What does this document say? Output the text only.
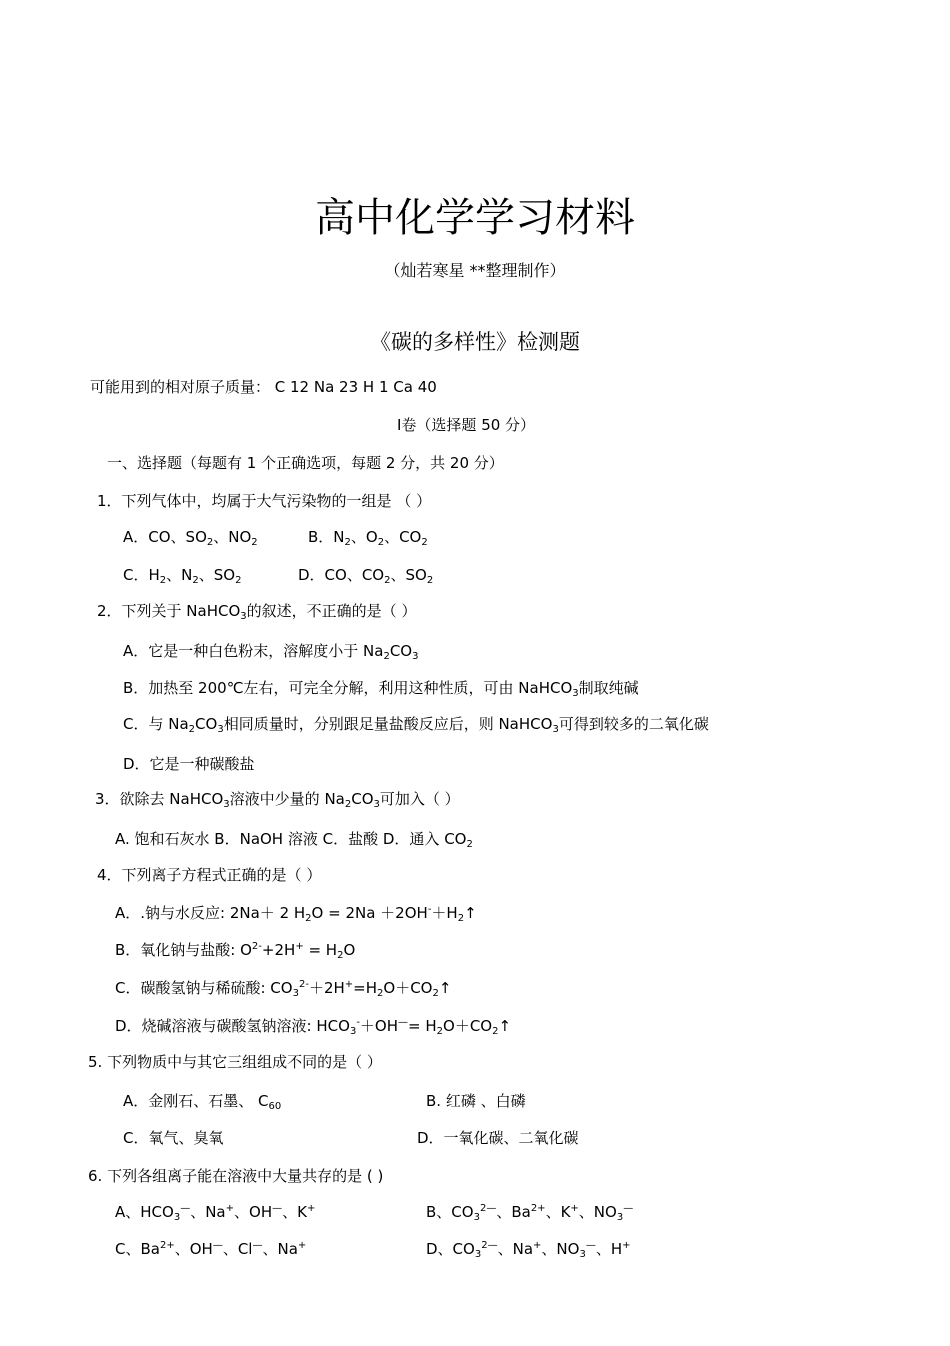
高中化学学习材料
（灿若寒星 **整理制作）
《碳的多样性》检测题
可能用到的相对原子质量： C 12 Na 23 H 1 Ca 40
Ⅰ卷（选择题 50 分）
一、选择题（每题有 1 个正确选项，每题 2 分，共 20 分）
1．下列气体中，均属于大气污染物的一组是 （ ）
A．CO、$SO_2$、$NO_2$	B．$N_2$、$O_2$、$CO_2$
C．$H_2$、$N_2$、$SO_2$	D．CO、$CO_2$、$SO_2$
2．下列关于 NaHCO$_3$的叙述，不正确的是（ ）
A．它是一种白色粉末，溶解度小于 $Na_2CO_3$
B．加热至 200℃左右，可完全分解，利用这种性质，可由 NaHCO$_3$制取纯碱
C．与 $Na_2CO_3$相同质量时，分别跟足量盐酸反应后，则 NaHCO$_3$可得到较多的二氧化碳
D．它是一种碳酸盐
3．欲除去 NaHCO$_3$溶液中少量的 $Na_2CO_3$可加入（ ）
A. 饱和石灰水 B．NaOH 溶液 C．盐酸 D．通入 $CO_2$
4．下列离子方程式正确的是（ ）
A．.钠与水反应: 2Na＋ 2 $H_2O = 2Na$ $+2OH^-+H_2↑$
B．氧化钠与盐酸: $O^{2-}+2H^+ = H_2O$
C．碳酸氢钠与稀硫酸: $CO_3^{2-}+2H^+=H_2O+CO_2↑$
D．烧碱溶液与碳酸氢钠溶液: $HCO_3^-+OH^—=$ $H_2O+CO_2↑$
5. 下列物质中与其它三组组成不同的是（ ）
A．金刚石、石墨、 $C_{60}$	B. 红磷 、白磷
C．氧气、臭氧	D．一氧化碳、二氧化碳
6. 下列各组离子能在溶液中大量共存的是 ( )
A、$HCO_3^—$、Na+、OH—、K+	B、$CO_3^{2—}$、$Ba^{2+}$、K+、$NO_3^—$
C、$Ba^{2+}$、OH—、Cl—、Na+	D、$CO_3^{2—}$、Na+、$NO_3^—$、H+
